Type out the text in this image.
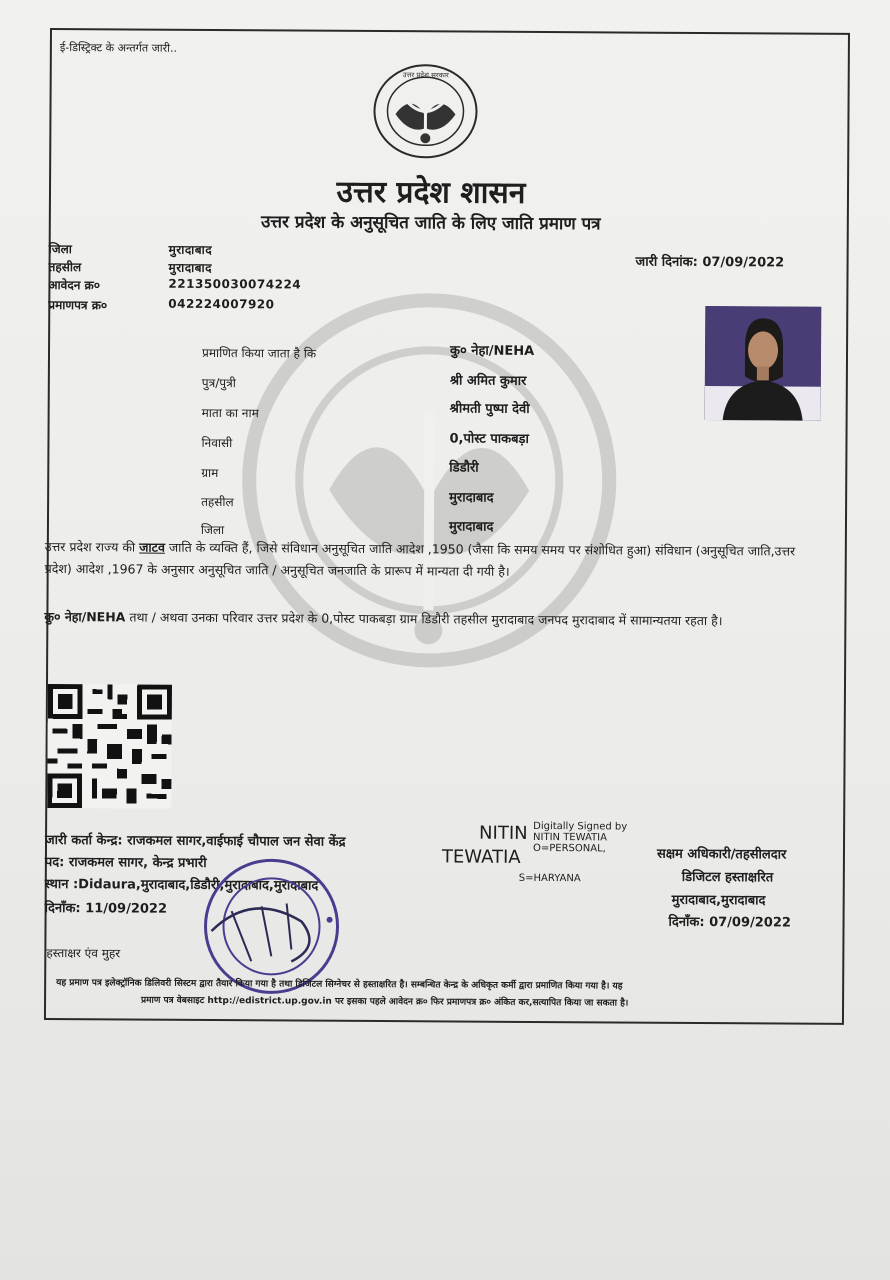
ई-डिस्ट्रिक्ट के अन्तर्गत जारी..
उत्तर प्रदेश सरकार
उत्तर प्रदेश शासन
उत्तर प्रदेश के अनुसूचित जाति के लिए जाति प्रमाण पत्र
जिला	मुरादाबाद
तहसील	मुरादाबाद
आवेदन क्र०	221350030074224
प्रमाणपत्र क्र०	042224007920
जारी दिनांक: 07/09/2022
प्रमाणित किया जाता है कि	कु० नेहा/NEHA
पुत्र/पुत्री	श्री अमित कुमार
माता का नाम	श्रीमती पुष्पा देवी
निवासी	0,पोस्ट पाकबड़ा
ग्राम	डिडौरी
तहसील	मुरादाबाद
जिला	मुरादाबाद
उत्तर प्रदेश राज्य की जाटव जाति के व्यक्ति हैं, जिसे संविधान अनुसूचित जाति आदेश ,1950 (जैसा कि समय समय पर संशोधित हुआ) संविधान (अनुसूचित जाति,उत्तर प्रदेश) आदेश ,1967 के अनुसार अनुसूचित जाति / अनुसूचित जनजाति के प्रारूप में मान्यता दी गयी है।
कु० नेहा/NEHA तथा / अथवा उनका परिवार उत्तर प्रदेश के 0,पोस्ट पाकबड़ा ग्राम डिडौरी तहसील मुरादाबाद जनपद मुरादाबाद में सामान्यतया रहता है।
जारी कर्ता केन्द्र: राजकमल सागर,वाईफाई चौपाल जन सेवा केंद्र
पद: राजकमल सागर, केन्द्र प्रभारी
स्थान :Didaura,मुरादाबाद,डिडौरी,मुरादाबाद,मुरादाबाद
दिनाँक: 11/09/2022
हस्ताक्षर एंव मुहर
NITIN
TEWATIA
Digitally Signed by
NITIN TEWATIA
O=PERSONAL,
S=HARYANA
सक्षम अधिकारी/तहसीलदार
डिजिटल हस्ताक्षरित
मुरादाबाद,मुरादाबाद
दिनाँक: 07/09/2022
यह प्रमाण पत्र इलेक्ट्रॉनिक डिलिवरी सिस्टम द्वारा तैयार किया गया है तथा डिजिटल सिग्नेचर से हस्ताक्षरित है। सम्बन्धित केन्द्र के अधिकृत कर्मी द्वारा प्रमाणित किया गया है। यह
प्रमाण पत्र वेबसाइट http://edistrict.up.gov.in पर इसका पहले आवेदन क्र० फिर प्रमाणपत्र क्र० अंकित कर,सत्यापित किया जा सकता है।
